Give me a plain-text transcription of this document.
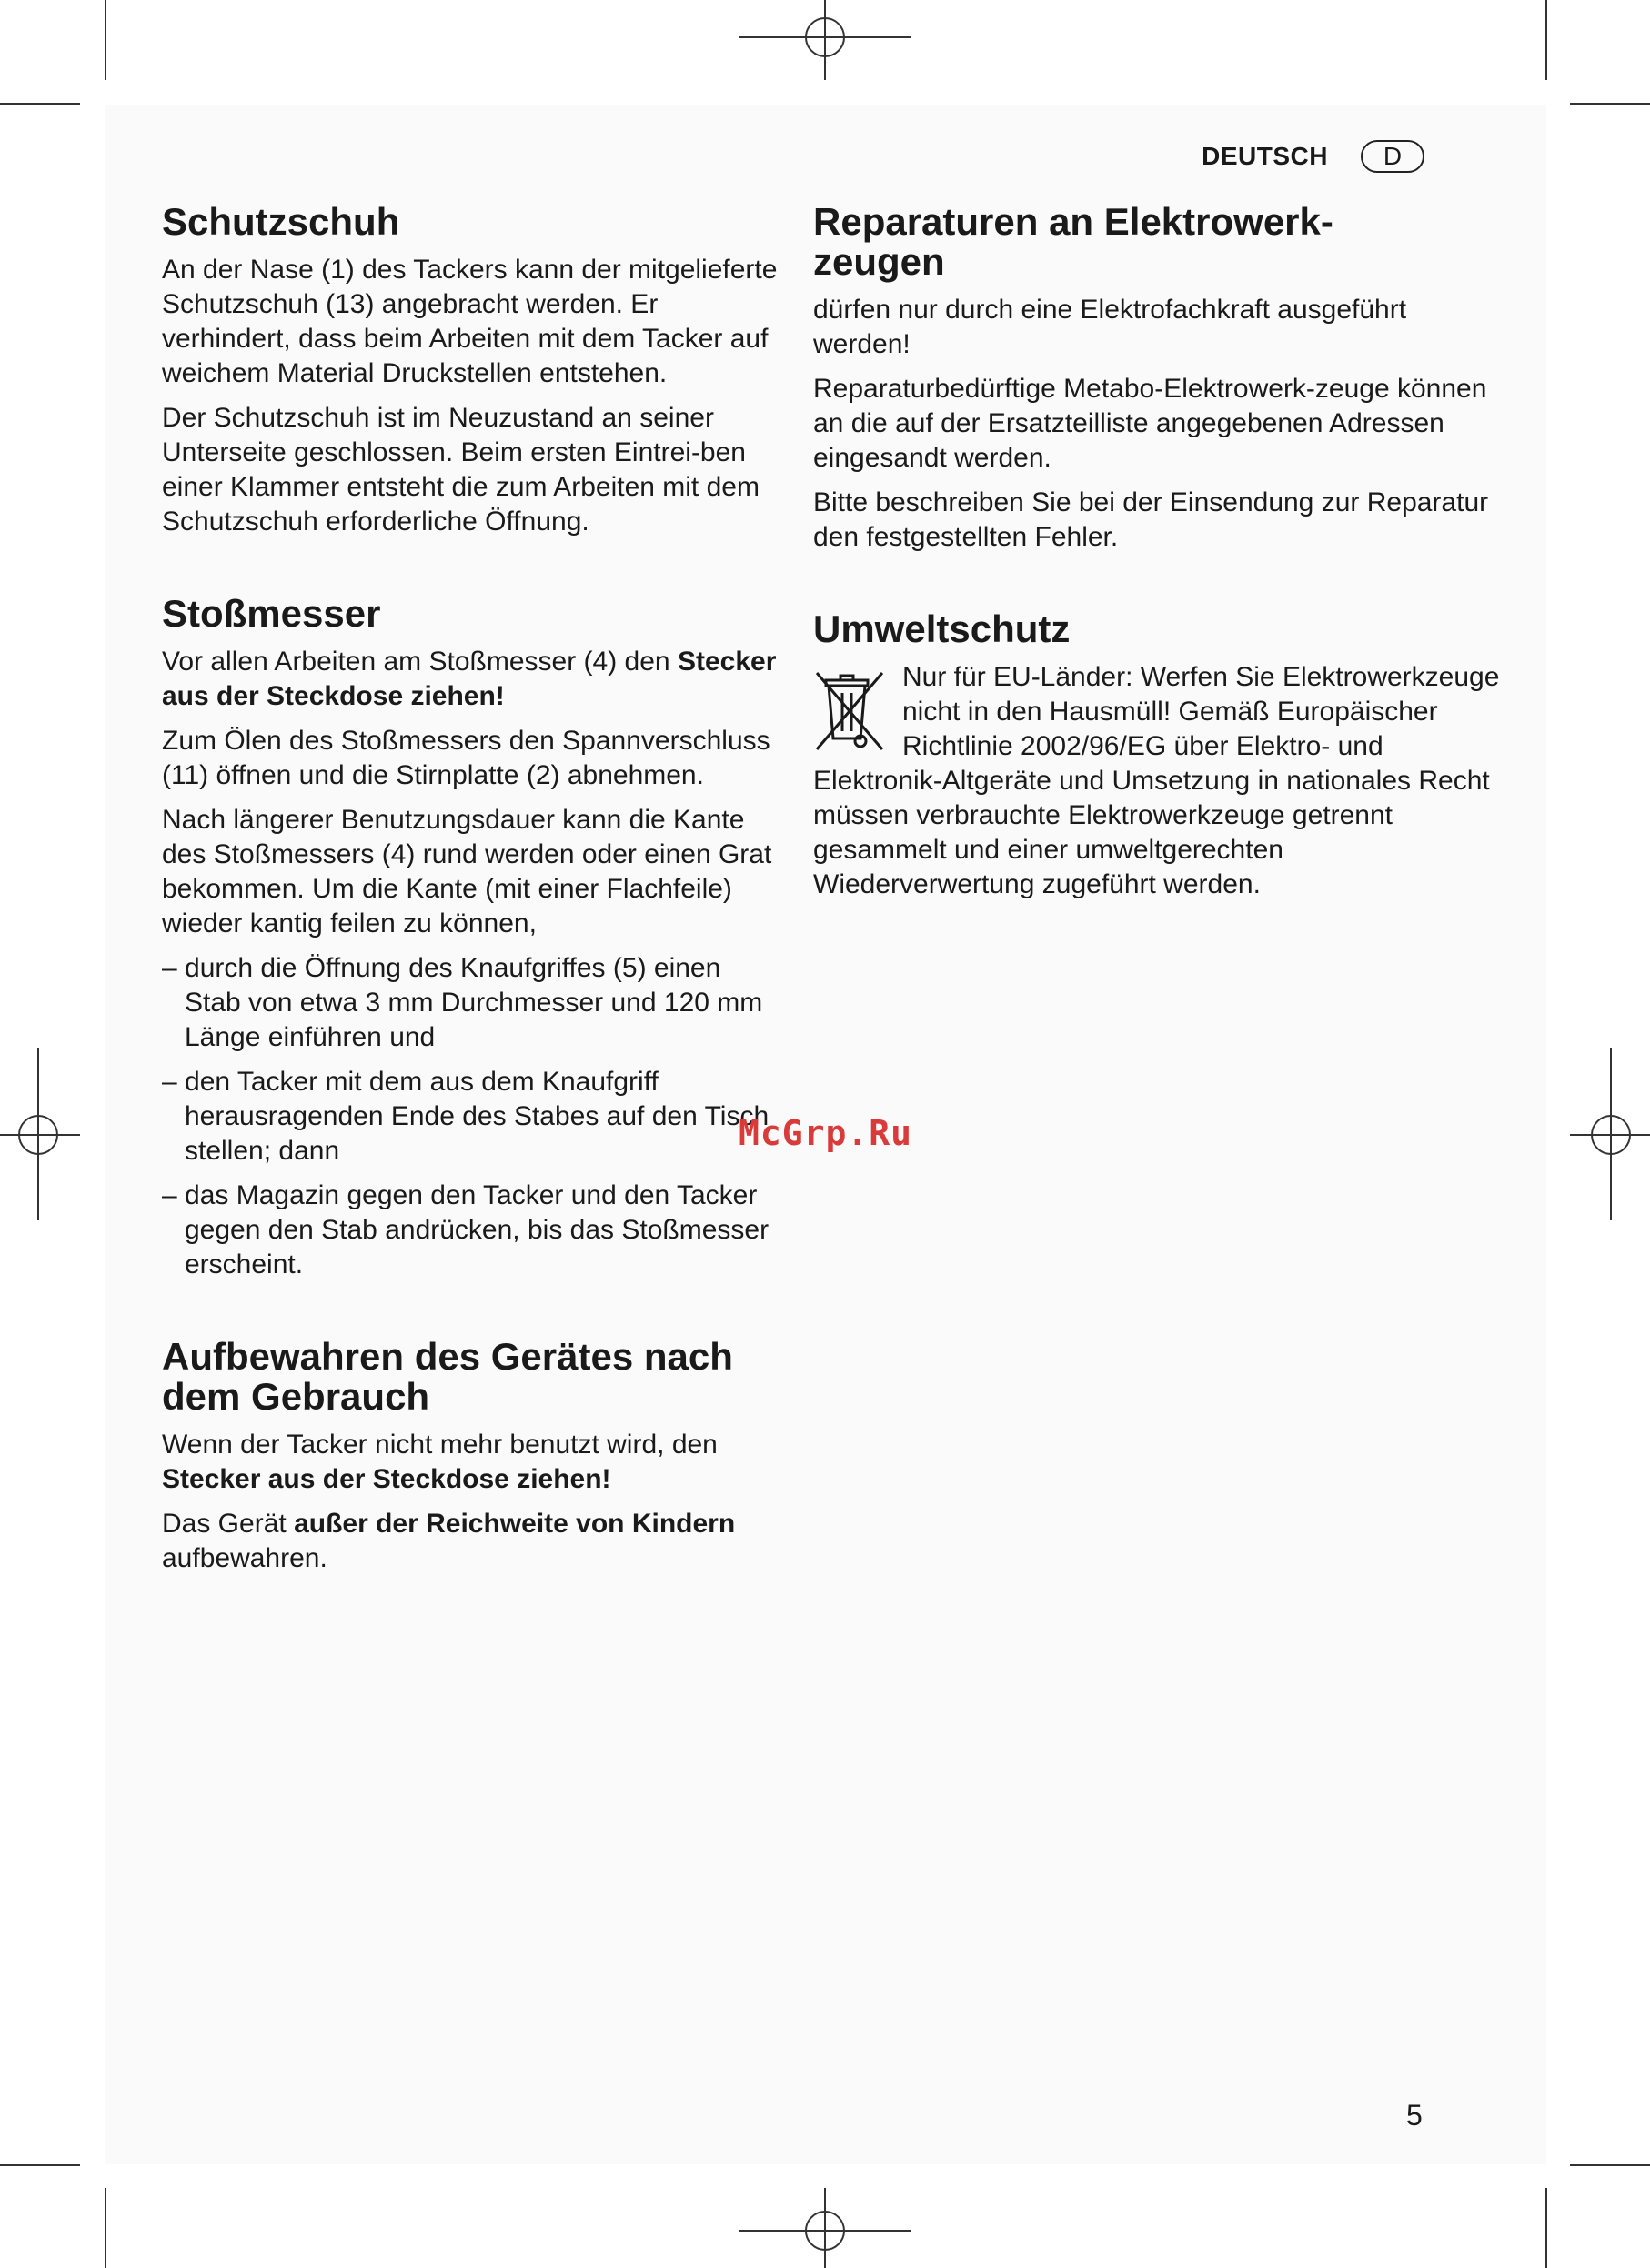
DEUTSCH	D
Schutzschuh

An der Nase (1) des Tackers kann der mitgelieferte Schutzschuh (13) angebracht werden. Er verhindert, dass beim Arbeiten mit dem Tacker auf weichem Material Druckstellen entstehen.

Der Schutzschuh ist im Neuzustand an seiner Unterseite geschlossen. Beim ersten Eintrei-ben einer Klammer entsteht die zum Arbeiten mit dem Schutzschuh erforderliche Öffnung.

Stoßmesser

Vor allen Arbeiten am Stoßmesser (4) den Stecker aus der Steckdose ziehen!

Zum Ölen des Stoßmessers den Spannverschluss (11) öffnen und die Stirnplatte (2) abnehmen.

Nach längerer Benutzungsdauer kann die Kante des Stoßmessers (4) rund werden oder einen Grat bekommen. Um die Kante (mit einer Flachfeile) wieder kantig feilen zu können,

– durch die Öffnung des Knaufgriffes (5) einen Stab von etwa 3 mm Durchmesser und 120 mm Länge einführen und
– den Tacker mit dem aus dem Knaufgriff herausragenden Ende des Stabes auf den Tisch stellen; dann
– das Magazin gegen den Tacker und den Tacker gegen den Stab andrücken, bis das Stoßmesser erscheint.
Aufbewahren des Gerätes nach dem Gebrauch

Wenn der Tacker nicht mehr benutzt wird, den Stecker aus der Steckdose ziehen!

Das Gerät außer der Reichweite von Kindern aufbewahren.

Reparaturen an Elektrowerk-zeugen

dürfen nur durch eine Elektrofachkraft ausgeführt werden!

Reparaturbedürftige Metabo-Elektrowerk-zeuge können an die auf der Ersatzteilliste angegebenen Adressen eingesandt werden.

Bitte beschreiben Sie bei der Einsendung zur Reparatur den festgestellten Fehler.

Umweltschutz

Nur für EU-Länder: Werfen Sie Elektrowerkzeuge nicht in den Hausmüll! Gemäß Europäischer Richtlinie 2002/96/EG über Elektro- und Elektronik-Altgeräte und Umsetzung in nationales Recht müssen verbrauchte Elektrowerkzeuge getrennt gesammelt und einer umweltgerechten Wiederverwertung zugeführt werden.

McGrp.Ru
5
